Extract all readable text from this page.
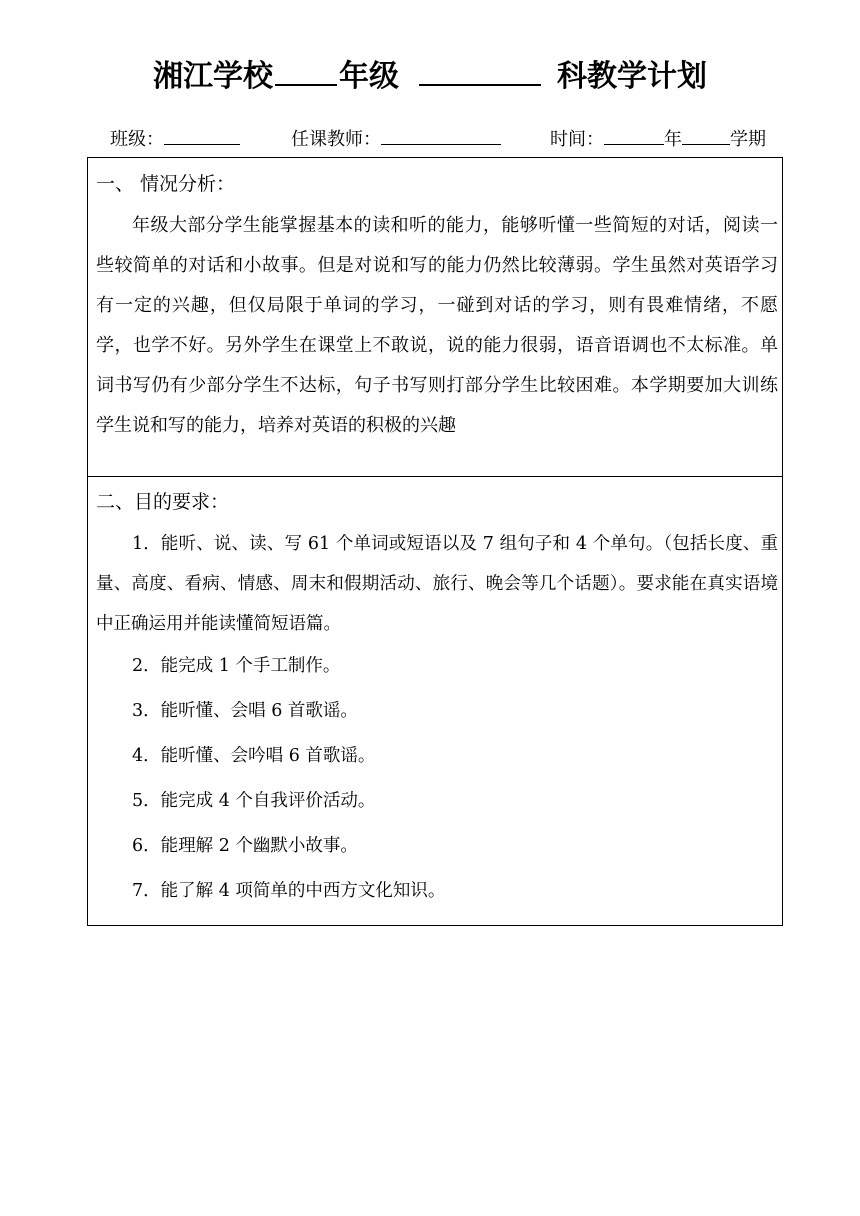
湘江学校 年级	科教学计划
班级：	任课教师：	时间：	年	学期
一、 情况分析：

年级大部分学生能掌握基本的读和听的能力，能够听懂一些简短的对话，阅读一些较简单的对话和小故事。但是对说和写的能力仍然比较薄弱。学生虽然对英语学习有一定的兴趣，但仅局限于单词的学习，一碰到对话的学习，则有畏难情绪，不愿学，也学不好。另外学生在课堂上不敢说，说的能力很弱，语音语调也不太标准。单词书写仍有少部分学生不达标，句子书写则打部分学生比较困难。本学期要加大训练学生说和写的能力，培养对英语的积极的兴趣

二、目的要求：

1．能听、说、读、写 61 个单词或短语以及 7 组句子和 4 个单句。（包括长度、重量、高度、看病、情感、周末和假期活动、旅行、晚会等几个话题）。要求能在真实语境中正确运用并能读懂简短语篇。

2．能完成 1 个手工制作。

3．能听懂、会唱 6 首歌谣。

4．能听懂、会吟唱 6 首歌谣。

5．能完成 4 个自我评价活动。

6．能理解 2 个幽默小故事。

7．能了解 4 项简单的中西方文化知识。
